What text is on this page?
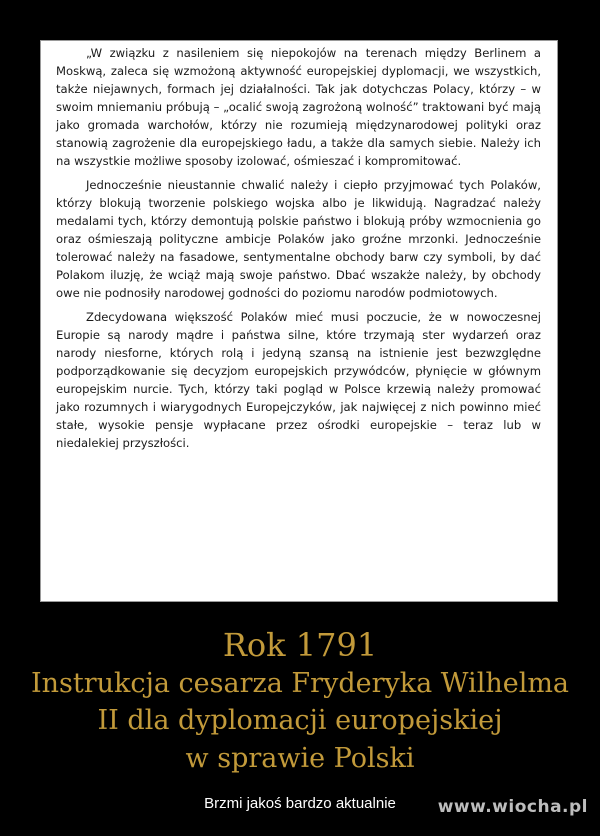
„W związku z nasileniem się niepokojów na terenach między Berlinem a Moskwą, zaleca się wzmożoną aktywność europejskiej dyplomacji, we wszystkich, także niejawnych, formach jej działalności. Tak jak dotychczas Polacy, którzy – w swoim mniemaniu próbują – „ocalić swoją zagrożoną wolność” traktowani być mają jako gromada warchołów, którzy nie rozumieją międzynarodowej polityki oraz stanowią zagrożenie dla europejskiego ładu, a także dla samych siebie. Należy ich na wszystkie możliwe sposoby izolować, ośmieszać i kompromitować.

Jednocześnie nieustannie chwalić należy i ciepło przyjmować tych Polaków, którzy blokują tworzenie polskiego wojska albo je likwidują. Nagradzać należy medalami tych, którzy demontują polskie państwo i blokują próby wzmocnienia go oraz ośmieszają polityczne ambicje Polaków jako groźne mrzonki. Jednocześnie tolerować należy na fasadowe, sentymentalne obchody barw czy symboli, by dać Polakom iluzję, że wciąż mają swoje państwo. Dbać wszakże należy, by obchody owe nie podnosiły narodowej godności do poziomu narodów podmiotowych.

Zdecydowana większość Polaków mieć musi poczucie, że w nowoczesnej Europie są narody mądre i państwa silne, które trzymają ster wydarzeń oraz narody niesforne, których rolą i jedyną szansą na istnienie jest bezwzględne podporządkowanie się decyzjom europejskich przywódców, płynięcie w głównym europejskim nurcie. Tych, którzy taki pogląd w Polsce krzewią należy promować jako rozumnych i wiarygodnych Europejczyków, jak najwięcej z nich powinno mieć stałe, wysokie pensje wypłacane przez ośrodki europejskie – teraz lub w niedalekiej przyszłości.

Rok 1791
Instrukcja cesarza Fryderyka Wilhelma
II dla dyplomacji europejskiej
w sprawie Polski
Brzmi jakoś bardzo aktualnie	www.wiocha.pl
